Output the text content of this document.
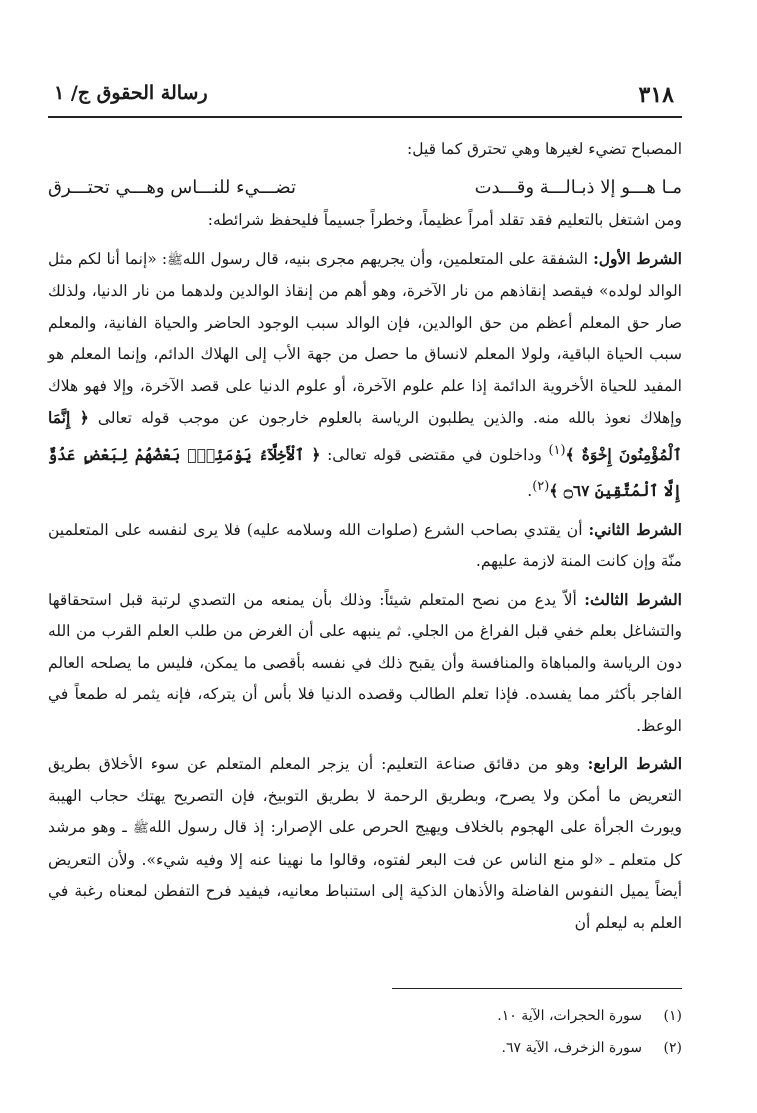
٣١٨
رسالة الحقوق ج/ ١

المصباح تضيء لغيرها وهي تحترق كما قيل:

مـا هـــو إلا ذبـالـــة وقـــدت
تضـــيء للنـــاس وهـــي تحتـــرق

ومن اشتغل بالتعليم فقد تقلد أمراً عظيماً، وخطراً جسيماً فليحفظ شرائطه:

الشرط الأول: الشفقة على المتعلمين، وأن يجريهم مجرى بنيه، قال رسول اللهﷺ: «إنما أنا لكم مثل الوالد لولده» فيقصد إنقاذهم من نار الآخرة، وهو أهم من إنقاذ الوالدين ولدهما من نار الدنيا، ولذلك صار حق المعلم أعظم من حق الوالدين، فإن الوالد سبب الوجود الحاضر والحياة الفانية، والمعلم سبب الحياة الباقية، ولولا المعلم لانساق ما حصل من جهة الأب إلى الهلاك الدائم، وإنما المعلم هو المفيد للحياة الأخروية الدائمة إذا علم علوم الآخرة، أو علوم الدنيا على قصد الآخرة، وإلا فهو هلاك وإهلاك نعوذ بالله منه. والذين يطلبون الرياسة بالعلوم خارجون عن موجب قوله تعالى ﴿ إِنَّمَا ٱلْمُؤْمِنُونَ إِخْوَةٌ ﴾$^{(١)}$ وداخلون في مقتضى قوله تعالى: ﴿ ٱلْأَخِلَّآءُ يَوْمَئِذٍۭ بَعْضُهُمْ لِبَعْضٍ عَدُوٌّ إِلَّا ٱلْمُتَّقِينَ ۝٦٧ ﴾$^{(٢)}$.

الشرط الثاني: أن يقتدي بصاحب الشرع (صلوات الله وسلامه عليه) فلا يرى لنفسه على المتعلمين منّة وإن كانت المنة لازمة عليهم.

الشرط الثالث: ألاّ يدع من نصح المتعلم شيئاً: وذلك بأن يمنعه من التصدي لرتبة قبل استحقاقها والتشاغل بعلم خفي قبل الفراغ من الجلي. ثم ينبهه على أن الغرض من طلب العلم القرب من الله دون الرياسة والمباهاة والمنافسة وأن يقبح ذلك في نفسه بأقصى ما يمكن، فليس ما يصلحه العالم الفاجر بأكثر مما يفسده. فإذا تعلم الطالب وقصده الدنيا فلا بأس أن يتركه، فإنه يثمر له طمعاً في الوعظ.

الشرط الرابع: وهو من دقائق صناعة التعليم: أن يزجر المعلم المتعلم عن سوء الأخلاق بطريق التعريض ما أمكن ولا يصرح، وبطريق الرحمة لا بطريق التوبيخ، فإن التصريح يهتك حجاب الهيبة ويورث الجرأة على الهجوم بالخلاف ويهيج الحرص على الإصرار: إذ قال رسول اللهﷺ ـ وهو مرشد كل متعلم ـ «لو منع الناس عن فت البعر لفتوه، وقالوا ما نهينا عنه إلا وفيه شيء». ولأن التعريض أيضاً يميل النفوس الفاضلة والأذهان الذكية إلى استنباط معانيه، فيفيد فرح التفطن لمعناه رغبة في العلم به ليعلم أن

(١)سورة الحجرات، الآية ١٠.
(٢)سورة الزخرف، الآية ٦٧.
